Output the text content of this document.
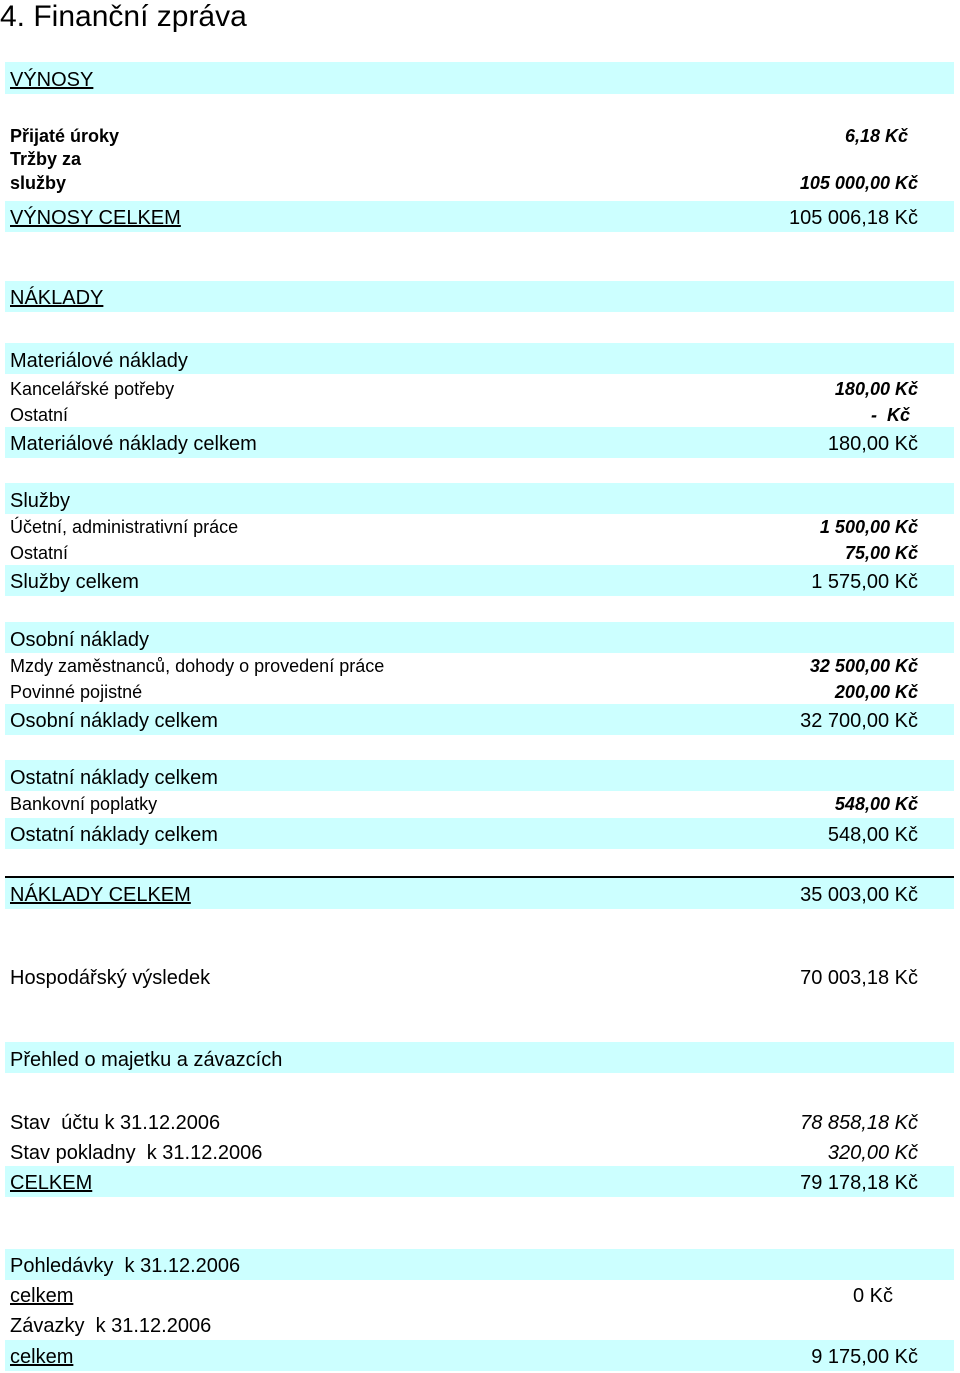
4. Finanční zpráva
VÝNOSY
Přijaté úroky	6,18 Kč
Tržby za
služby	105 000,00 Kč
VÝNOSY CELKEM	105 006,18 Kč
NÁKLADY
Materiálové náklady
Kancelářské potřeby	180,00 Kč
Ostatní	-  Kč
Materiálové náklady celkem	180,00 Kč
Služby
Účetní, administrativní práce	1 500,00 Kč
Ostatní	75,00 Kč
Služby celkem	1 575,00 Kč
Osobní náklady
Mzdy zaměstnanců, dohody o provedení práce	32 500,00 Kč
Povinné pojistné	200,00 Kč
Osobní náklady celkem	32 700,00 Kč
Ostatní náklady celkem
Bankovní poplatky	548,00 Kč
Ostatní náklady celkem	548,00 Kč
NÁKLADY CELKEM	35 003,00 Kč
Hospodářský výsledek	70 003,18 Kč
Přehled o majetku a závazcích
Stav  účtu k 31.12.2006	78 858,18 Kč
Stav pokladny  k 31.12.2006	320,00 Kč
CELKEM	79 178,18 Kč
Pohledávky  k 31.12.2006
celkem	0 Kč
Závazky  k 31.12.2006
celkem	9 175,00 Kč
